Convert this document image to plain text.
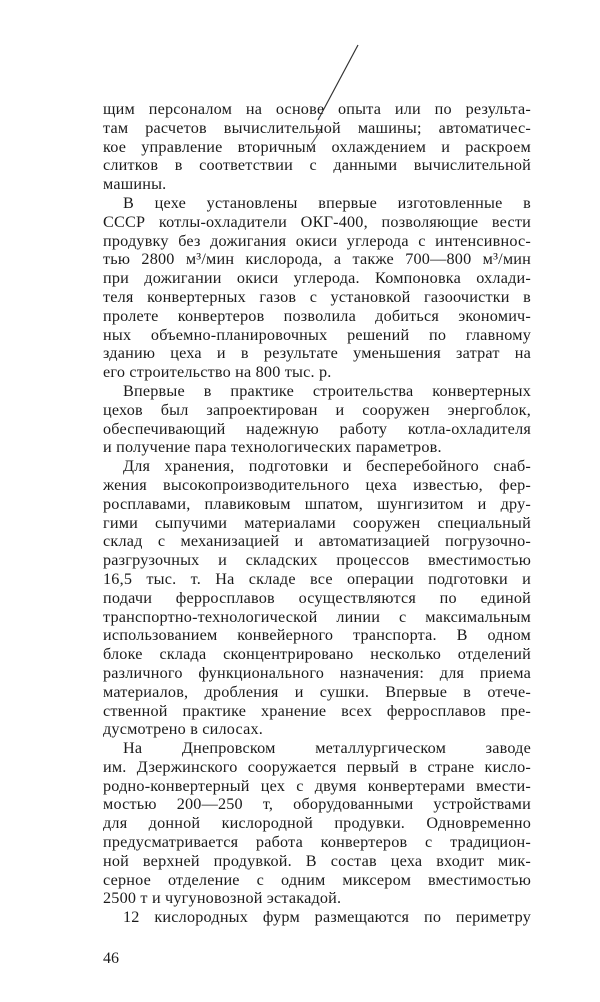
щим персоналом на основе опыта или по результа-
там расчетов вычислительной машины; автоматичес-
кое управление вторичным охлаждением и раскроем
слитков в соответствии с данными вычислительной
машины.
В цехе установлены впервые изготовленные в
СССР котлы-охладители ОКГ-400, позволяющие вести
продувку без дожигания окиси углерода с интенсивнос-
тью 2800 м³/мин кислорода, а также 700—800 м³/мин
при дожигании окиси углерода. Компоновка охлади-
теля конвертерных газов с установкой газоочистки в
пролете конвертеров позволила добиться экономич-
ных объемно-планировочных решений по главному
зданию цеха и в результате уменьшения затрат на
его строительство на 800 тыс. р.
Впервые в практике строительства конвертерных
цехов был запроектирован и сооружен энергоблок,
обеспечивающий надежную работу котла-охладителя
и получение пара технологических параметров.
Для хранения, подготовки и бесперебойного снаб-
жения высокопроизводительного цеха известью, фер-
росплавами, плавиковым шпатом, шунгизитом и дру-
гими сыпучими материалами сооружен специальный
склад с механизацией и автоматизацией погрузочно-
разгрузочных и складских процессов вместимостью
16,5 тыс. т. На складе все операции подготовки и
подачи ферросплавов осуществляются по единой
транспортно-технологической линии с максимальным
использованием конвейерного транспорта. В одном
блоке склада сконцентрировано несколько отделений
различного функционального назначения: для приема
материалов, дробления и сушки. Впервые в отече-
ственной практике хранение всех ферросплавов пре-
дусмотрено в силосах.
На Днепровском металлургическом заводе
им. Дзержинского сооружается первый в стране кисло-
родно-конвертерный цех с двумя конвертерами вмести-
мостью 200—250 т, оборудованными устройствами
для донной кислородной продувки. Одновременно
предусматривается работа конвертеров с традицион-
ной верхней продувкой. В состав цеха входит мик-
серное отделение с одним миксером вместимостью
2500 т и чугуновозной эстакадой.
12 кислородных фурм размещаются по периметру
46
